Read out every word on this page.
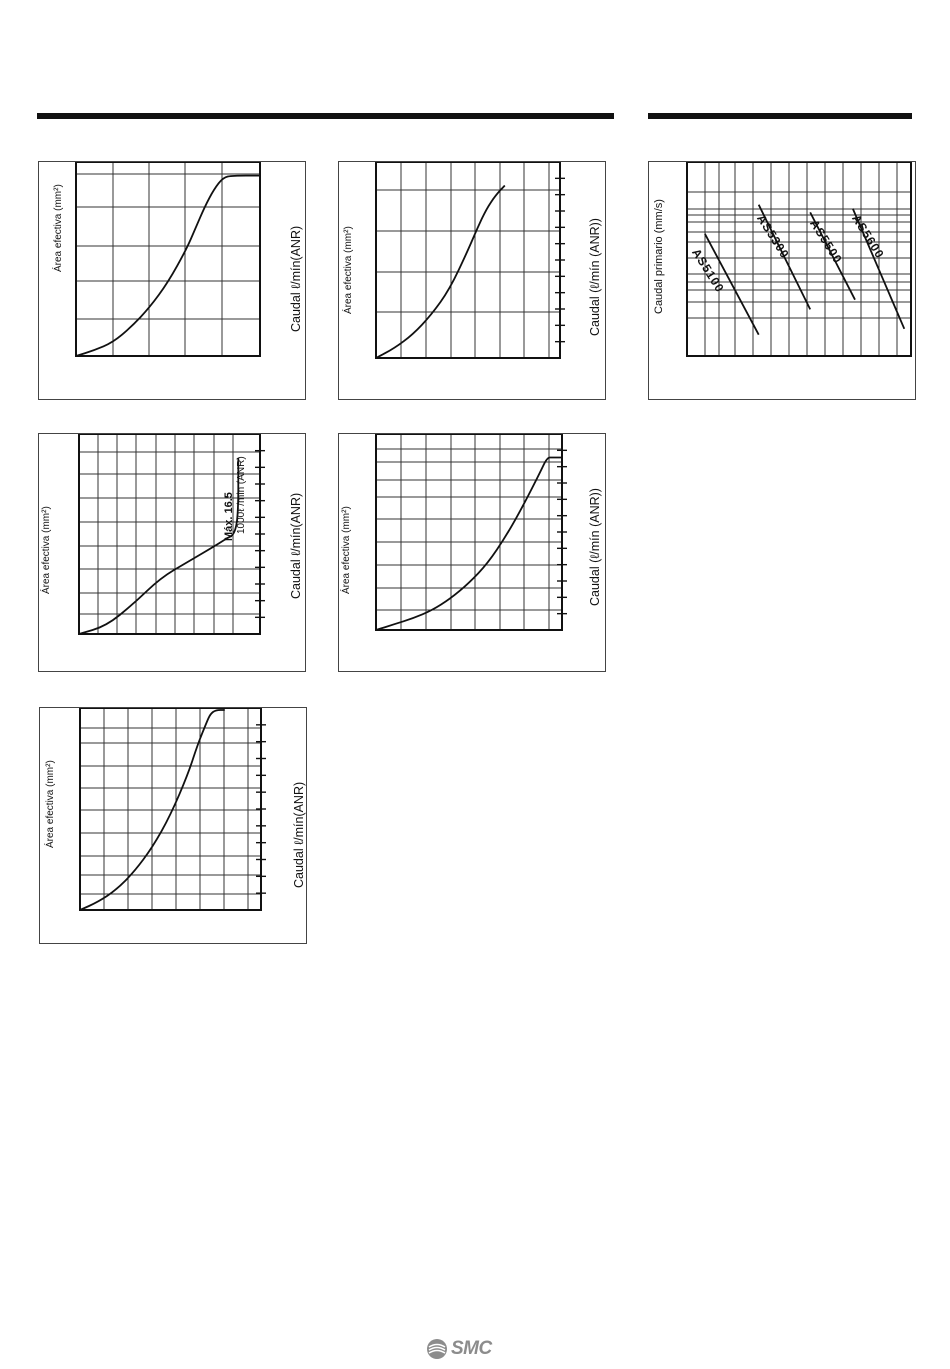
Área efectiva (mm²)	Caudal ℓ/mín(ANR)	Área efectiva (mm²)	Caudal (ℓ/mín (ANR))
Área efectiva (mm²)	Caudal ℓ/mín(ANR)
Máx. 16.5 1000ℓ /min (ANR)
Área efectiva (mm²)	Caudal (ℓ/mín (ANR))
Área efectiva (mm²)	Caudal ℓ/mín(ANR)
Caudal primario (mm/s) AS5100
AS5300 AS5500 AS5600
SMC
